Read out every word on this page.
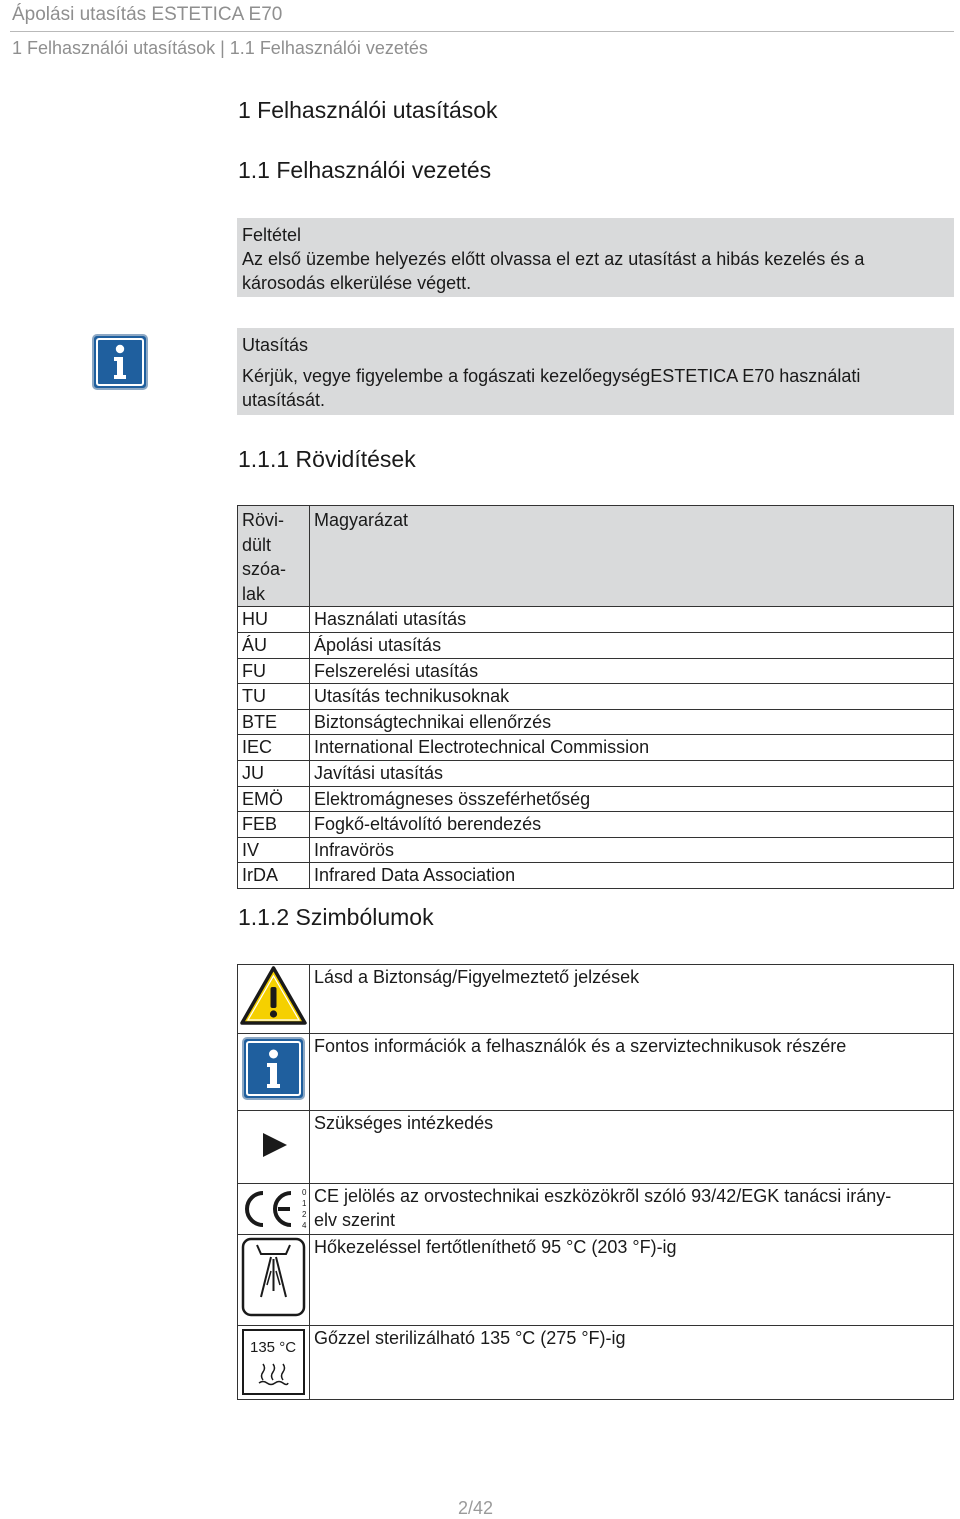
Ápolási utasítás ESTETICA E70
1 Felhasználói utasítások | 1.1 Felhasználói vezetés
1 Felhasználói utasítások
1.1 Felhasználói vezetés
Feltétel
Az első üzembe helyezés előtt olvassa el ezt az utasítást a hibás kezelés és a károsodás elkerülése végett.
Utasítás
Kérjük, vegye figyelembe a fogászati kezelőegységESTETICA E70 használati utasítását.
1.1.1 Rövidítések
Rövi-
dült
szóa-
lak	Magyarázat
HU	Használati utasítás
ÁU	Ápolási utasítás
FU	Felszerelési utasítás
TU	Utasítás technikusoknak
BTE	Biztonságtechnikai ellenőrzés
IEC	International Electrotechnical Commission
JU	Javítási utasítás
EMÖ	Elektromágneses összeférhetőség
FEB	Fogkő-eltávolító berendezés
IV	Infravörös
IrDA	Infrared Data Association
1.1.2 Szimbólumok
	Lásd a Biztonság/Figyelmeztető jelzések
	Fontos információk a felhasználók és a szerviztechnikusok részére
	Szükséges intézkedés

0
1
2
4	CE jelölés az orvostechnikai eszközökrõl szóló 93/42/EGK tanácsi irány-
elv szerint
	Hőkezeléssel fertőtleníthető 95 °C (203 °F)-ig

135 °C	Gőzzel sterilizálható 135 °C (275 °F)-ig
2/42
